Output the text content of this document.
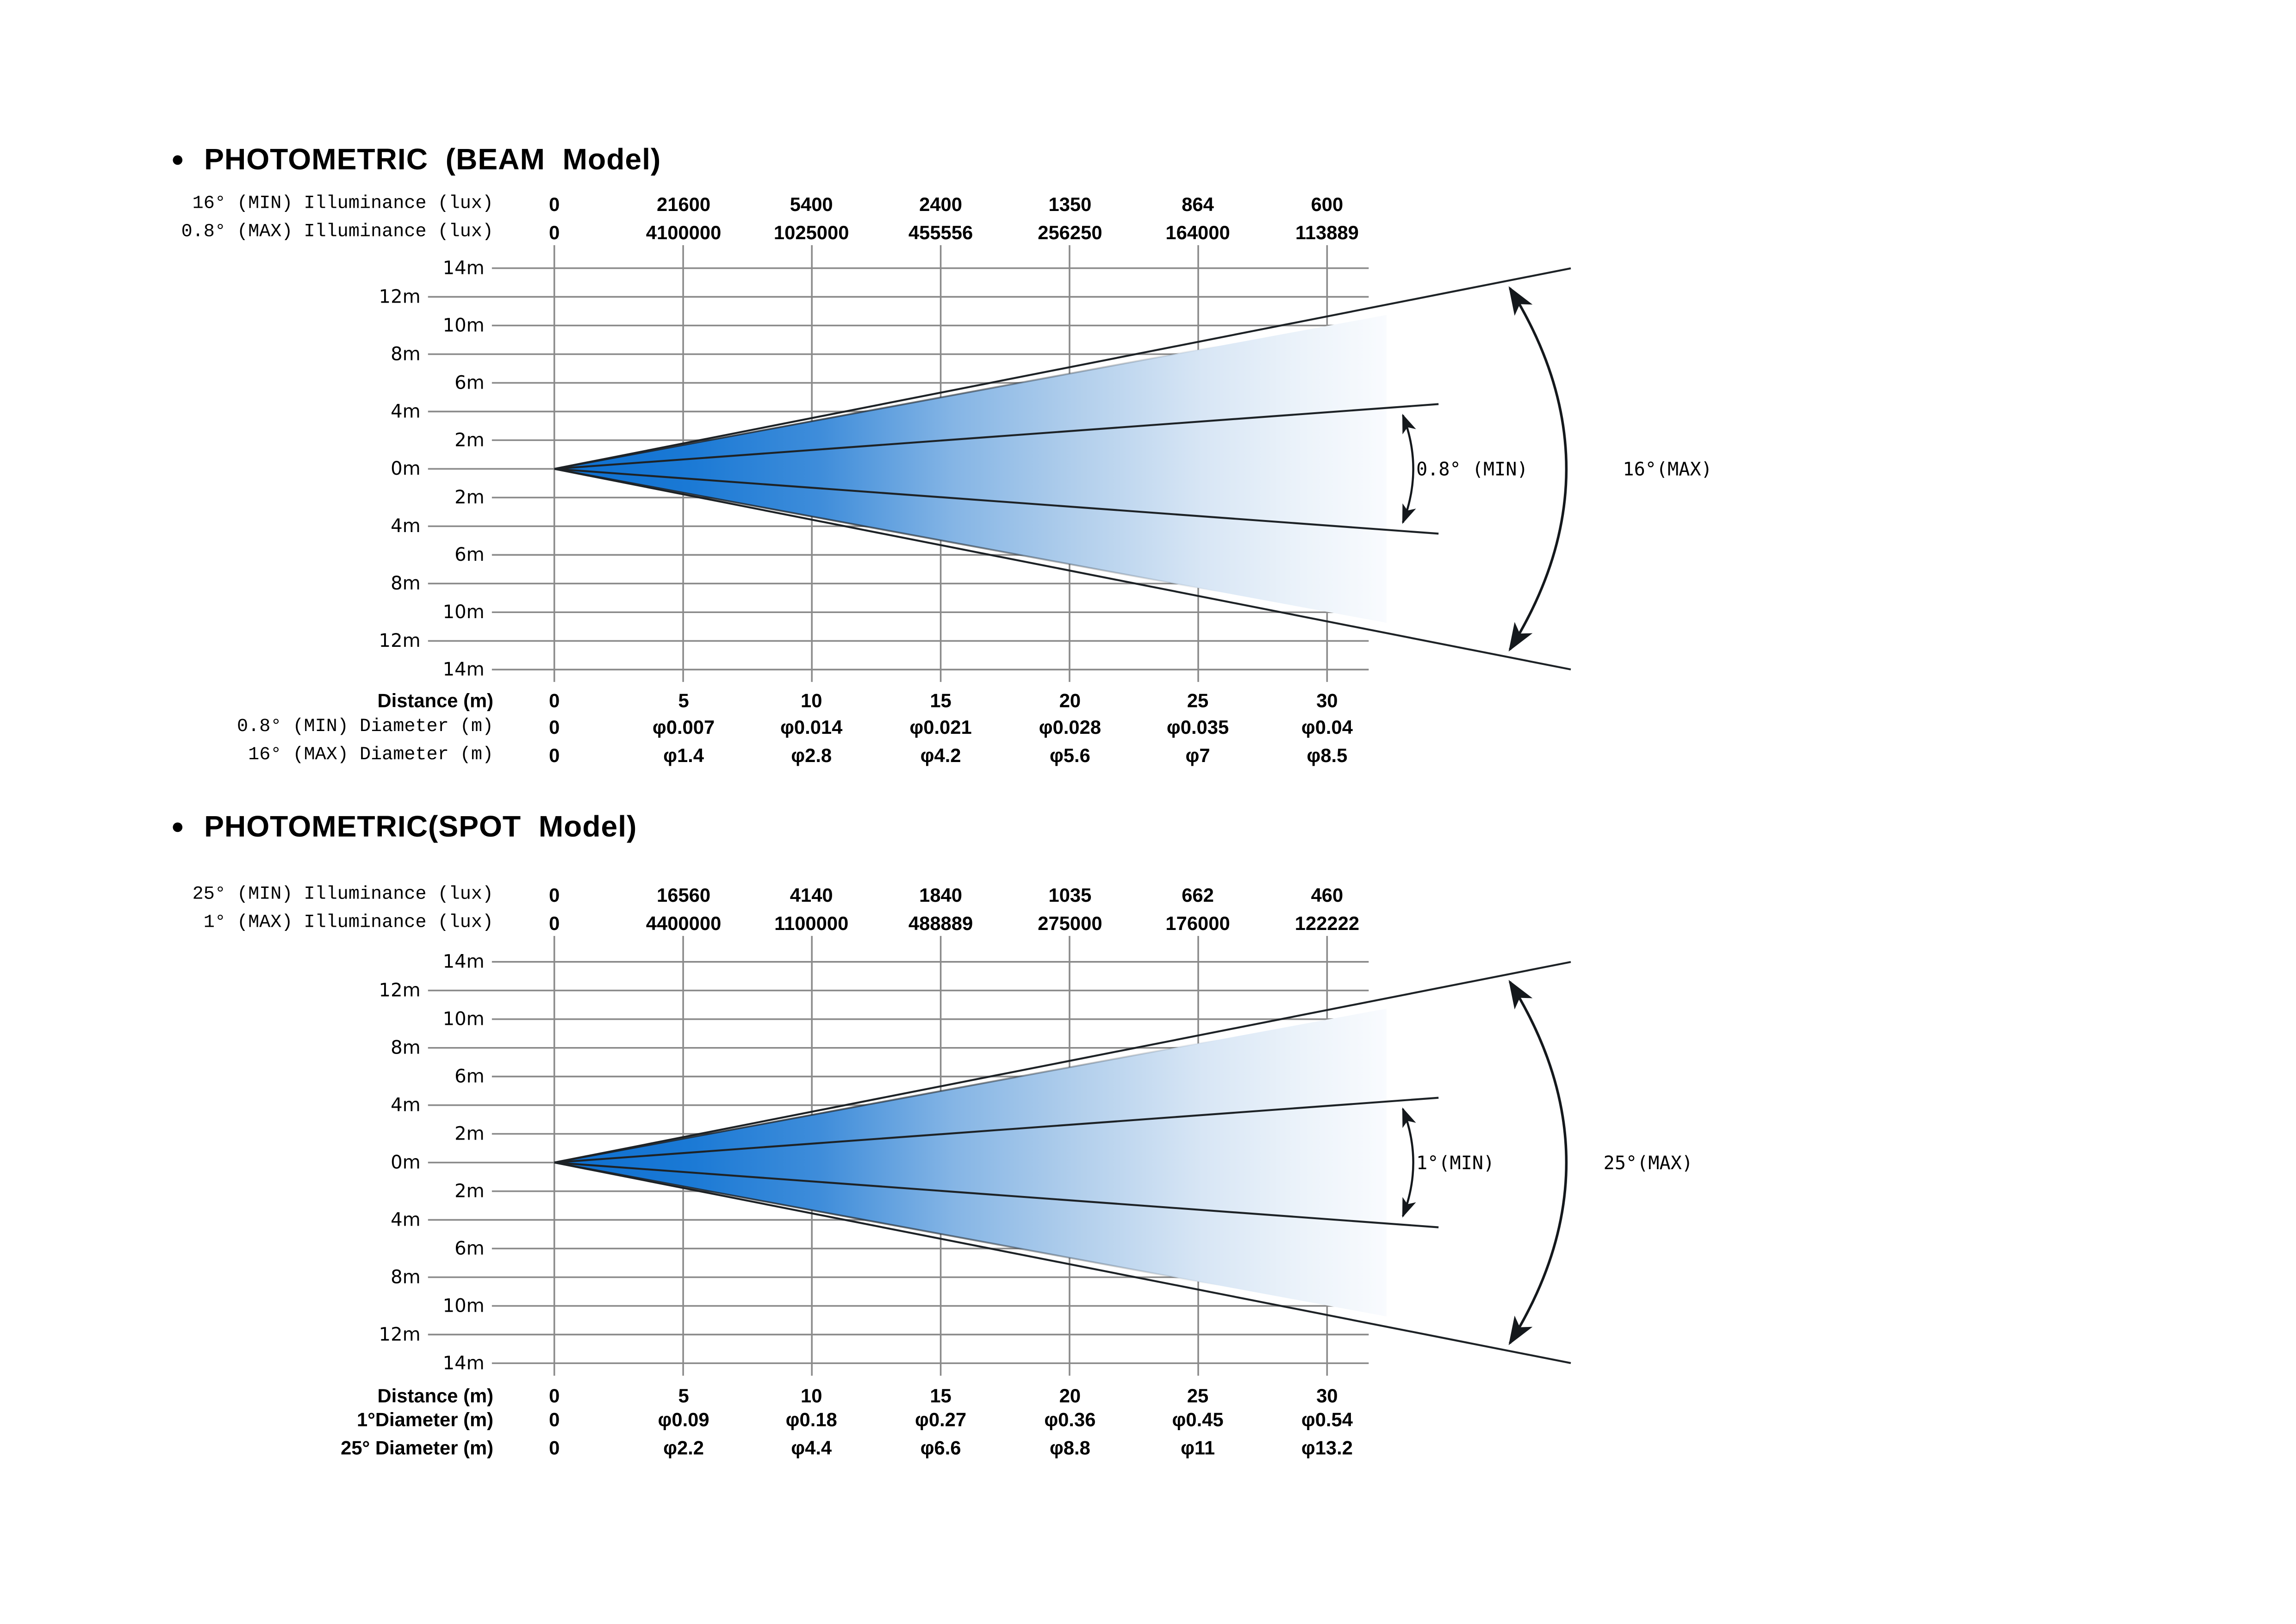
0.8° (MIN)	16°(MAX)
14m
12m
10m
8m
6m
4m
2m
0m
2m
4m
6m
8m
10m
12m
14m
1°(MIN)	25°(MAX)
14m
12m
10m
8m
6m
4m
2m
0m
2m
4m
6m
8m
10m
12m
14m
● PHOTOMETRIC  (BEAM  Model)
16° (MIN) Illuminance (lux)	0	21600	5400	2400	1350	864	600
0.8° (MAX) Illuminance (lux)	0	4100000	1025000	455556	256250	164000	113889
Distance (m)	0	5	10	15	20	25	30
0.8° (MIN) Diameter (m)	0	φ0.007	φ0.014	φ0.021	φ0.028	φ0.035	φ0.04
16° (MAX) Diameter (m)	0	φ1.4	φ2.8	φ4.2	φ5.6	φ7	φ8.5
● PHOTOMETRIC(SPOT  Model)
25° (MIN) Illuminance (lux)	0	16560	4140	1840	1035	662	460
1° (MAX) Illuminance (lux)	0	4400000	1100000	488889	275000	176000	122222
Distance (m)	0	5	10	15	20	25	30
1°Diameter (m)	0	φ0.09	φ0.18	φ0.27	φ0.36	φ0.45	φ0.54
25° Diameter (m)	0	φ2.2	φ4.4	φ6.6	φ8.8	φ11	φ13.2
